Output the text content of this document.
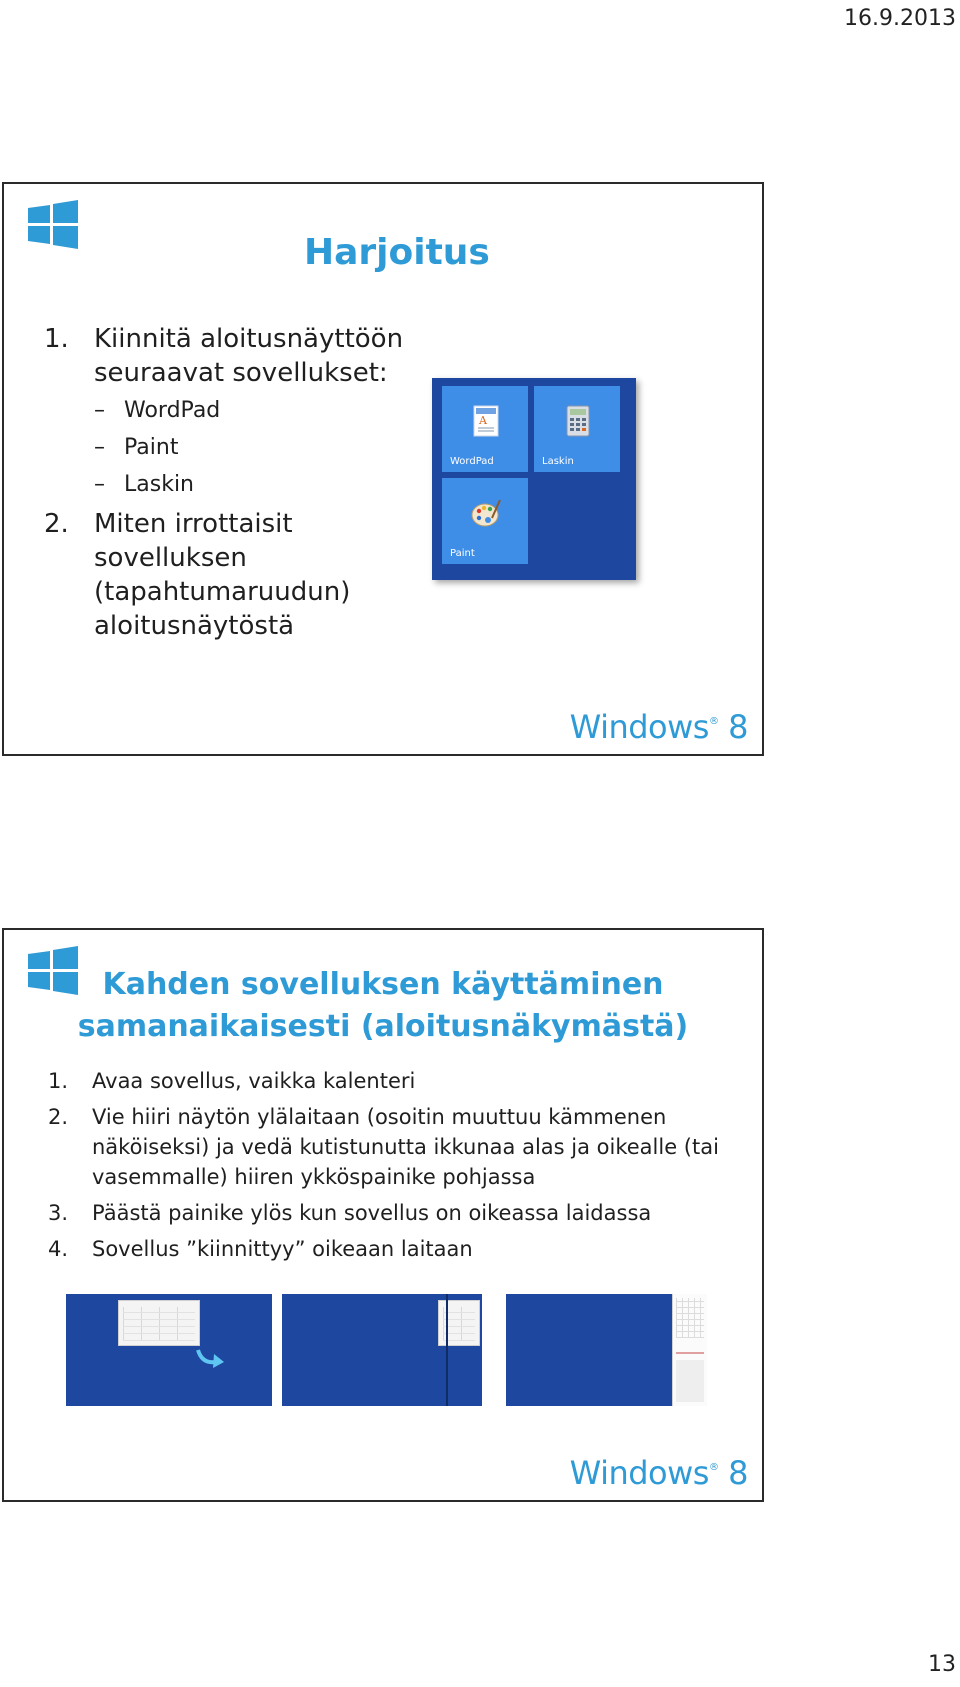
16.9.2013
Harjoitus
1. Kiinnitä aloitusnäyttöön seuraavat sovellukset:
– WordPad
– Paint
– Laskin
2. Miten irrottaisit sovelluksen (tapahtumaruudun) aloitusnäytöstä
A
WordPad	Laskin
Paint
Windows® 8
Kahden sovelluksen käyttäminen
samanaikaisesti (aloitusnäkymästä)
1. Avaa sovellus, vaikka kalenteri
2. Vie hiiri näytön ylälaitaan (osoitin muuttuu kämmenen näköiseksi) ja vedä kutistunutta ikkunaa alas ja oikealle (tai vasemmalle) hiiren ykköspainike pohjassa
3. Päästä painike ylös kun sovellus on oikeassa laidassa
4. Sovellus ”kiinnittyy” oikeaan laitaan
Windows® 8
13
